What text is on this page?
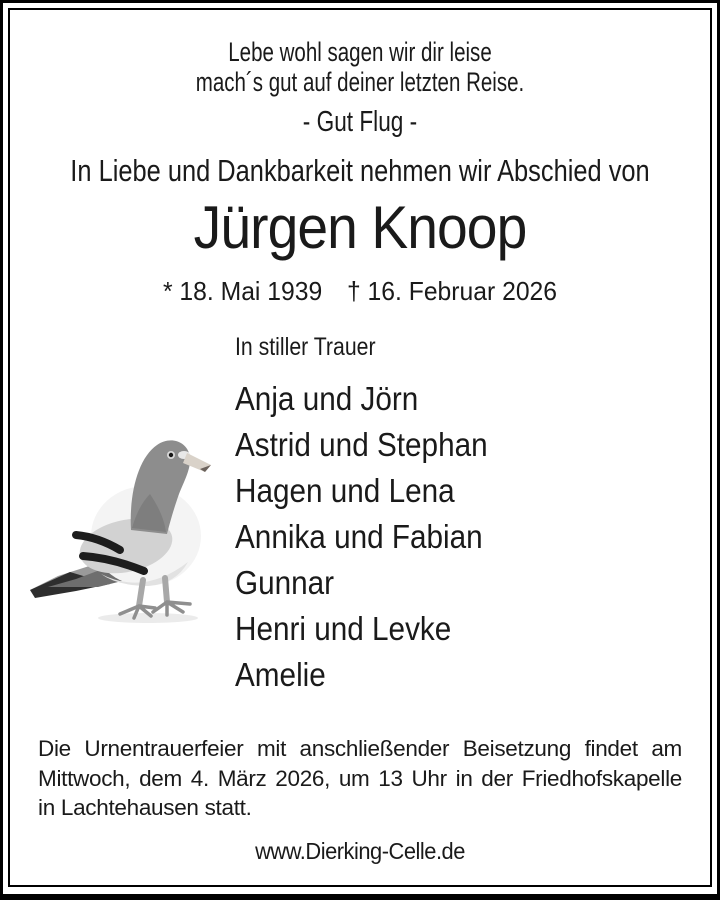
Lebe wohl sagen wir dir leise
mach´s gut auf deiner letzten Reise.
- Gut Flug -
In Liebe und Dankbarkeit nehmen wir Abschied von
Jürgen Knoop
* 18. Mai 1939 † 16. Februar 2026
In stiller Trauer
Anja und Jörn
Astrid und Stephan
Hagen und Lena
Annika und Fabian
Gunnar
Henri und Levke
Amelie
Die Urnentrauerfeier mit anschließender Beisetzung findet am
Mittwoch, dem 4. März 2026, um 13 Uhr in der Friedhofskapelle
in Lachtehausen statt.
www.Dierking-Celle.de
